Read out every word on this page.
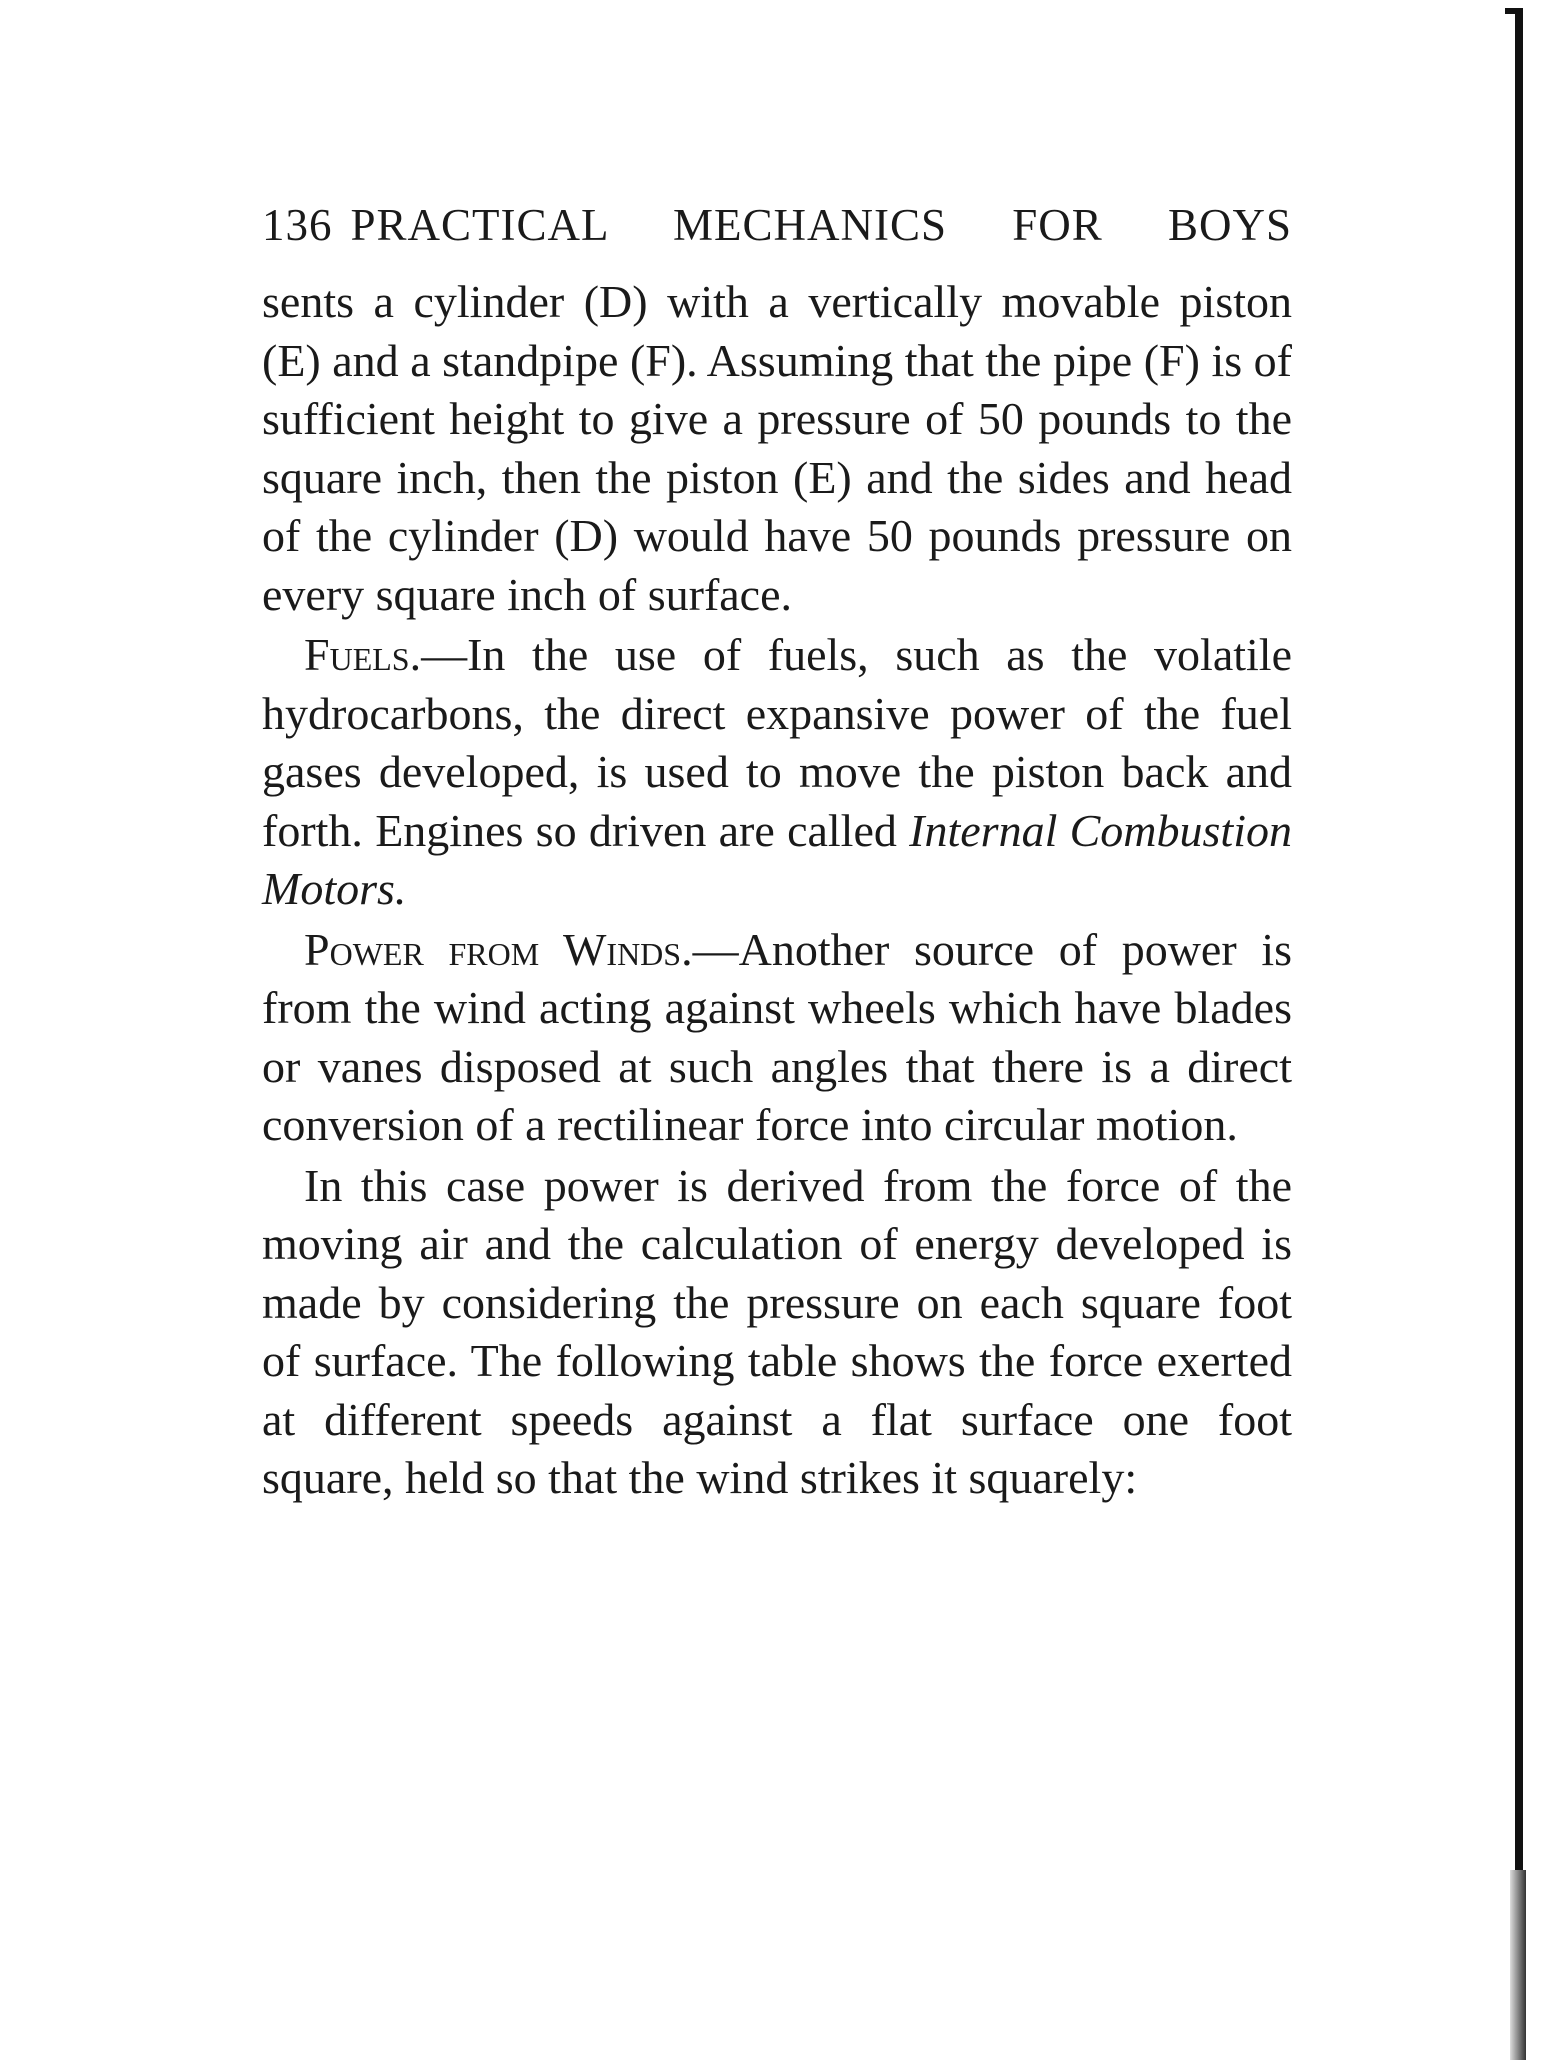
136 PRACTICAL MECHANICS FOR BOYS

sents a cylinder (D) with a vertically movable piston (E) and a standpipe (F). Assuming that the pipe (F) is of sufficient height to give a pressure of 50 pounds to the square inch, then the piston (E) and the sides and head of the cylinder (D) would have 50 pounds pressure on every square inch of surface.

Fuels.—In the use of fuels, such as the volatile hydrocarbons, the direct expansive power of the fuel gases developed, is used to move the piston back and forth. Engines so driven are called Internal Combustion Motors.

Power from Winds.—Another source of power is from the wind acting against wheels which have blades or vanes disposed at such angles that there is a direct conversion of a rectilinear force into circular motion.

In this case power is derived from the force of the moving air and the calculation of energy developed is made by considering the pressure on each square foot of surface. The following table shows the force exerted at different speeds against a flat surface one foot square, held so that the wind strikes it squarely:
